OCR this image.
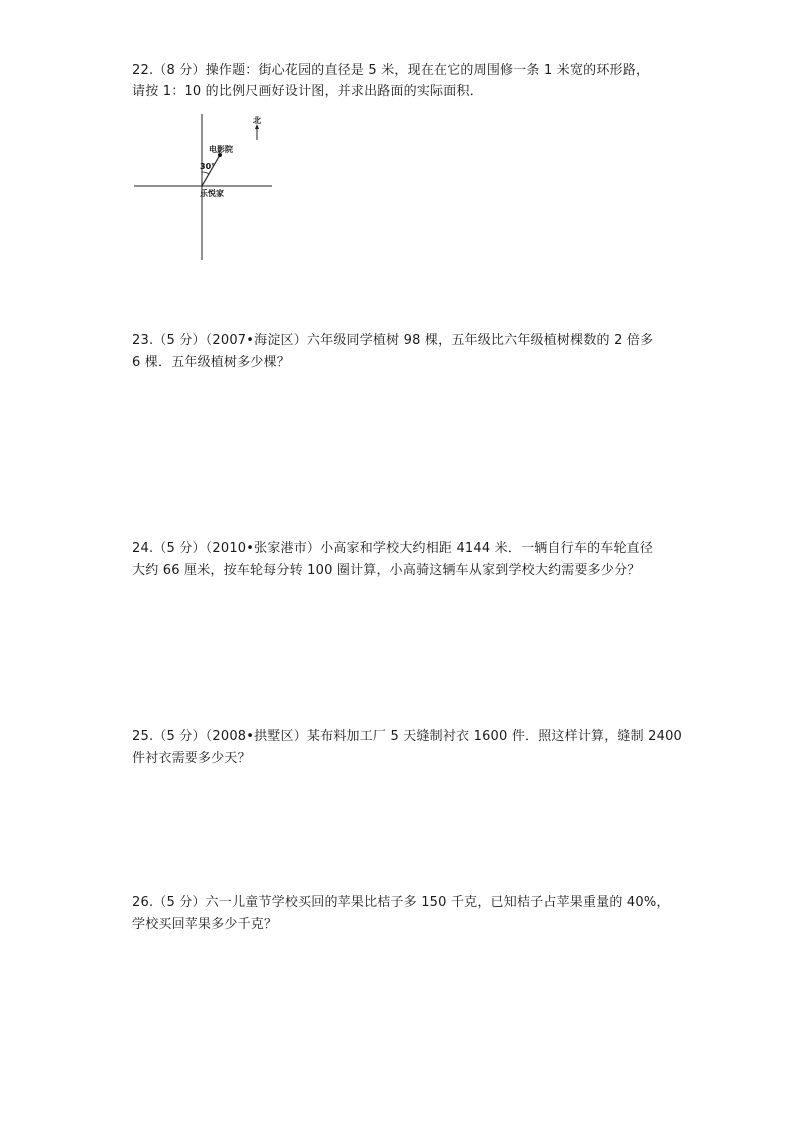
22.（8 分）操作题：街心花园的直径是 5 米，现在在它的周围修一条 1 米宽的环形路，
请按 1：10 的比例尺画好设计图，并求出路面的实际面积．
北
电影院
30°
乐悦家
23.（5 分）（2007•海淀区）六年级同学植树 98 棵，五年级比六年级植树棵数的 2 倍多
6 棵．五年级植树多少棵？
24.（5 分）（2010•张家港市）小高家和学校大约相距 4144 米．一辆自行车的车轮直径
大约 66 厘米，按车轮每分转 100 圈计算，小高骑这辆车从家到学校大约需要多少分？
25.（5 分）（2008•拱墅区）某布料加工厂 5 天缝制衬衣 1600 件．照这样计算，缝制 2400
件衬衣需要多少天？
26.（5 分）六一儿童节学校买回的苹果比桔子多 150 千克，已知桔子占苹果重量的 40%，
学校买回苹果多少千克？
